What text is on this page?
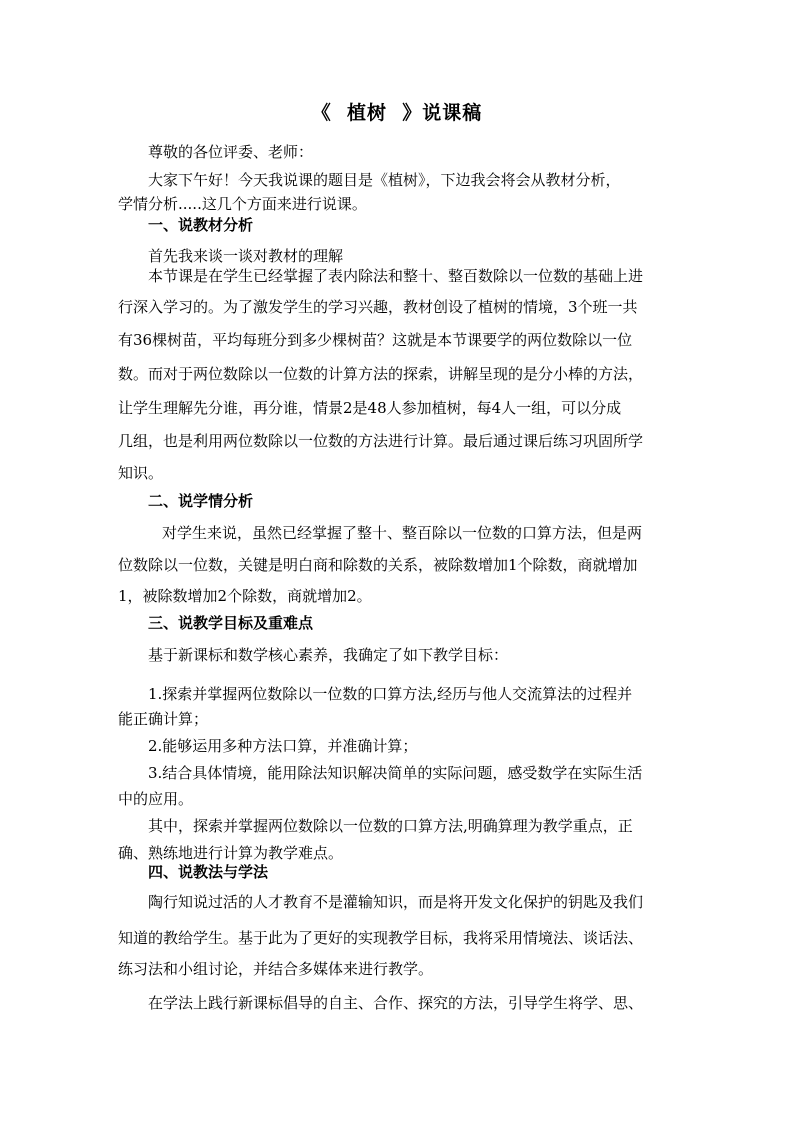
《  植树  》说课稿
尊敬的各位评委、老师：
大家下午好！今天我说课的题目是《植树》，下边我会将会从教材分析，
学情分析.....这几个方面来进行说课。
一、说教材分析
首先我来谈一谈对教材的理解
本节课是在学生已经掌握了表内除法和整十、整百数除以一位数的基础上进
行深入学习的。为了激发学生的学习兴趣，教材创设了植树的情境，3个班一共
有36棵树苗，平均每班分到多少棵树苗？这就是本节课要学的两位数除以一位
数。而对于两位数除以一位数的计算方法的探索，讲解呈现的是分小棒的方法，
让学生理解先分谁，再分谁，情景2是48人参加植树，每4人一组，可以分成
几组，也是利用两位数除以一位数的方法进行计算。最后通过课后练习巩固所学
知识。
二、说学情分析
对学生来说，虽然已经掌握了整十、整百除以一位数的口算方法，但是两
位数除以一位数，关键是明白商和除数的关系，被除数增加1个除数，商就增加
1，被除数增加2个除数，商就增加2。
三、说教学目标及重难点
基于新课标和数学核心素养，我确定了如下教学目标：
1.探索并掌握两位数除以一位数的口算方法,经历与他人交流算法的过程并
能正确计算；
2.能够运用多种方法口算，并准确计算；
3.结合具体情境，能用除法知识解决简单的实际问题，感受数学在实际生活
中的应用。
其中，探索并掌握两位数除以一位数的口算方法,明确算理为教学重点，正
确、熟练地进行计算为教学难点。
四、说教法与学法
陶行知说过活的人才教育不是灌输知识，而是将开发文化保护的钥匙及我们
知道的教给学生。基于此为了更好的实现教学目标，我将采用情境法、谈话法、
练习法和小组讨论，并结合多媒体来进行教学。
在学法上践行新课标倡导的自主、合作、探究的方法，引导学生将学、思、
